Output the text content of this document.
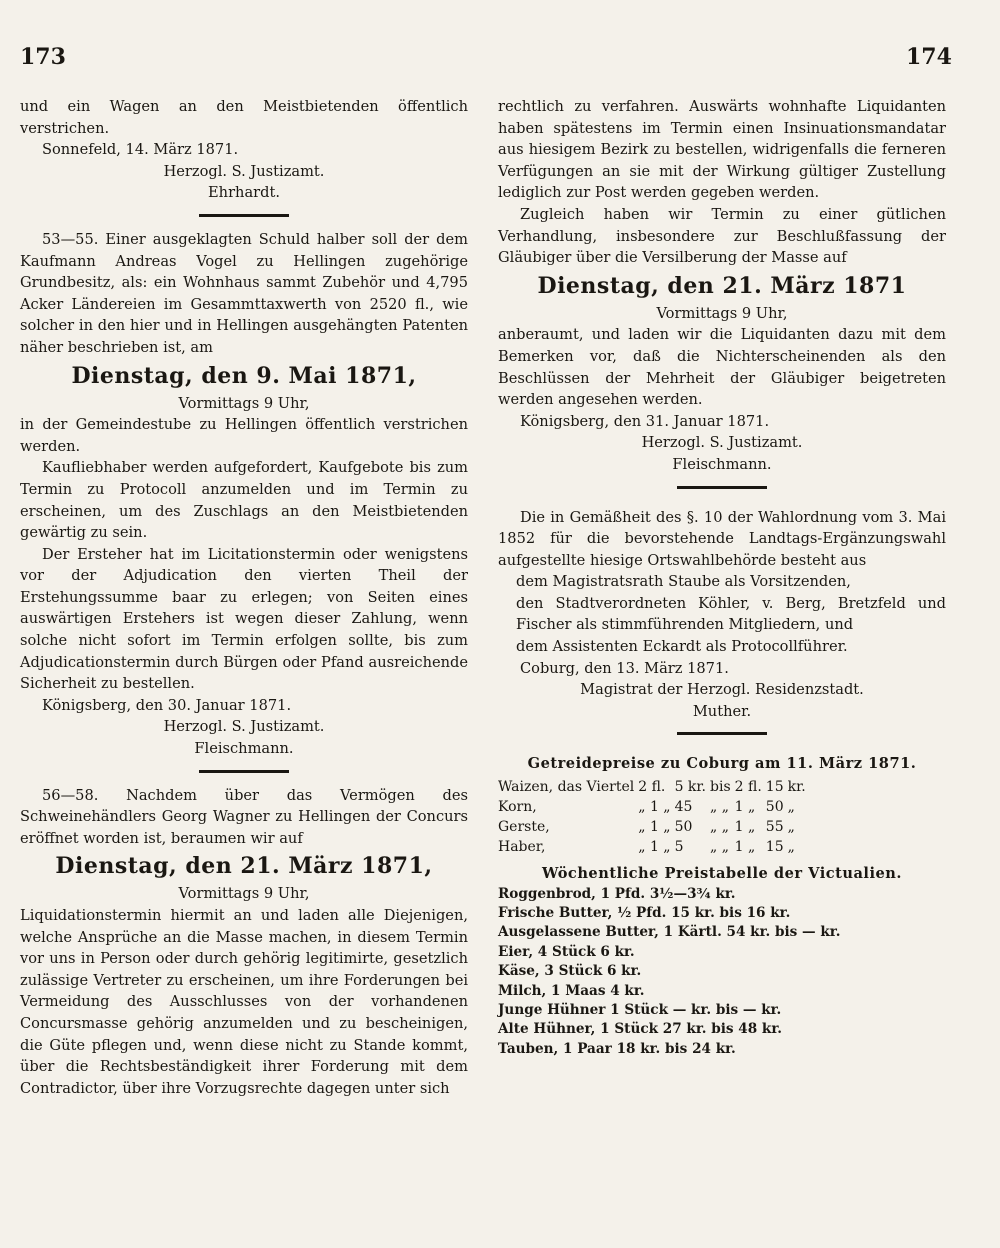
173	174

und ein Wagen an den Meistbietenden öffentlich verstrichen.

Sonnefeld, 14. März 1871.

Herzogl. S. Justizamt.

Ehrhardt.

53—55. Einer ausgeklagten Schuld halber soll der dem Kaufmann Andreas Vogel zu Hellingen zugehörige Grundbesitz, als: ein Wohnhaus sammt Zubehör und 4,795 Acker Ländereien im Gesammttaxwerth von 2520 fl., wie solcher in den hier und in Hellingen ausgehängten Patenten näher beschrieben ist, am

Dienstag, den 9. Mai 1871,

Vormittags 9 Uhr,

in der Gemeindestube zu Hellingen öffentlich verstrichen werden.

Kaufliebhaber werden aufgefordert, Kaufgebote bis zum Termin zu Protocoll anzumelden und im Termin zu erscheinen, um des Zuschlags an den Meistbietenden gewärtig zu sein.

Der Ersteher hat im Licitationstermin oder wenigstens vor der Adjudication den vierten Theil der Erstehungssumme baar zu erlegen; von Seiten eines auswärtigen Erstehers ist wegen dieser Zahlung, wenn solche nicht sofort im Termin erfolgen sollte, bis zum Adjudicationstermin durch Bürgen oder Pfand ausreichende Sicherheit zu bestellen.

Königsberg, den 30. Januar 1871.

Herzogl. S. Justizamt.

Fleischmann.

56—58. Nachdem über das Vermögen des Schweinehändlers Georg Wagner zu Hellingen der Concurs eröffnet worden ist, beraumen wir auf

Dienstag, den 21. März 1871,

Vormittags 9 Uhr,

Liquidationstermin hiermit an und laden alle Diejenigen, welche Ansprüche an die Masse machen, in diesem Termin vor uns in Person oder durch gehörig legitimirte, gesetzlich zulässige Vertreter zu erscheinen, um ihre Forderungen bei Vermeidung des Ausschlusses von der vorhandenen Concursmasse gehörig anzumelden und zu bescheinigen, die Güte pflegen und, wenn diese nicht zu Stande kommt, über die Rechtsbeständigkeit ihrer Forderung mit dem Contradictor, über ihre Vorzugsrechte dagegen unter sich

rechtlich zu verfahren. Auswärts wohnhafte Liquidanten haben spätestens im Termin einen Insinuationsmandatar aus hiesigem Bezirk zu bestellen, widrigenfalls die ferneren Verfügungen an sie mit der Wirkung gültiger Zustellung lediglich zur Post werden gegeben werden.

Zugleich haben wir Termin zu einer gütlichen Verhandlung, insbesondere zur Beschlußfassung der Gläubiger über die Versilberung der Masse auf

Dienstag, den 21. März 1871

Vormittags 9 Uhr,

anberaumt, und laden wir die Liquidanten dazu mit dem Bemerken vor, daß die Nichterscheinenden als den Beschlüssen der Mehrheit der Gläubiger beigetreten werden angesehen werden.

Königsberg, den 31. Januar 1871.

Herzogl. S. Justizamt.

Fleischmann.

Die in Gemäßheit des §. 10 der Wahlordnung vom 3. Mai 1852 für die bevorstehende Landtags-Ergänzungswahl aufgestellte hiesige Ortswahlbehörde besteht aus

dem Magistratsrath Staube als Vorsitzenden,

den Stadtverordneten Köhler, v. Berg, Bretzfeld und Fischer als stimmführenden Mitgliedern, und

dem Assistenten Eckardt als Protocollführer.

Coburg, den 13. März 1871.

Magistrat der Herzogl. Residenzstadt.

Muther.

Getreidepreise zu Coburg am 11. März 1871.

Waizen, das Viertel	2 fl.	5 kr.	bis	2 fl.	15	kr.
Korn,	„ 1 „	45	„ „	1 „	50	„
Gerste,	„ 1 „	50	„ „	1 „	55	„
Haber,	„ 1 „	5	„ „	1 „	15	„

Wöchentliche Preistabelle der Victualien.

Roggenbrod, 1 Pfd. 3½—3¾ kr.

Frische Butter, ½ Pfd. 15 kr. bis 16 kr.

Ausgelassene Butter, 1 Kärtl. 54 kr. bis — kr.

Eier, 4 Stück 6 kr.

Käse, 3 Stück 6 kr.

Milch, 1 Maas 4 kr.

Junge Hühner 1 Stück — kr. bis — kr.

Alte Hühner, 1 Stück 27 kr. bis 48 kr.

Tauben, 1 Paar 18 kr. bis 24 kr.
